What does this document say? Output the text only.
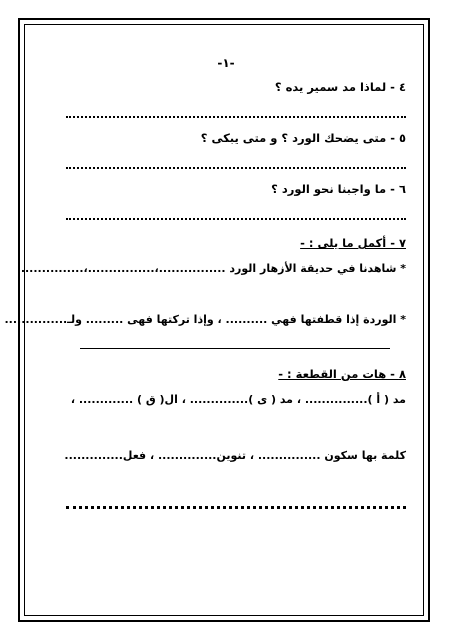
-١-
٤ - لماذا مد سمير يده ؟
٥ - متى يضحك الورد ؟ و متى يبكى ؟
٦ - ما واجبنا نحو الورد ؟
٧ - أكمل ما يلى : -
* شاهدنا في حديقة الأزهار الورد ................،................،...............
* الوردة إذا قطفتها فهي .......... ، وإذا تركتها فهى ......... ولـ...............
٨ - هات من القطعة : -
مد ( أ )............... ، مد ( ى ).............. ، ال( ق ) ............. ،
كلمة بها سكون ............... ، تنوين.............. ، فعل..............
